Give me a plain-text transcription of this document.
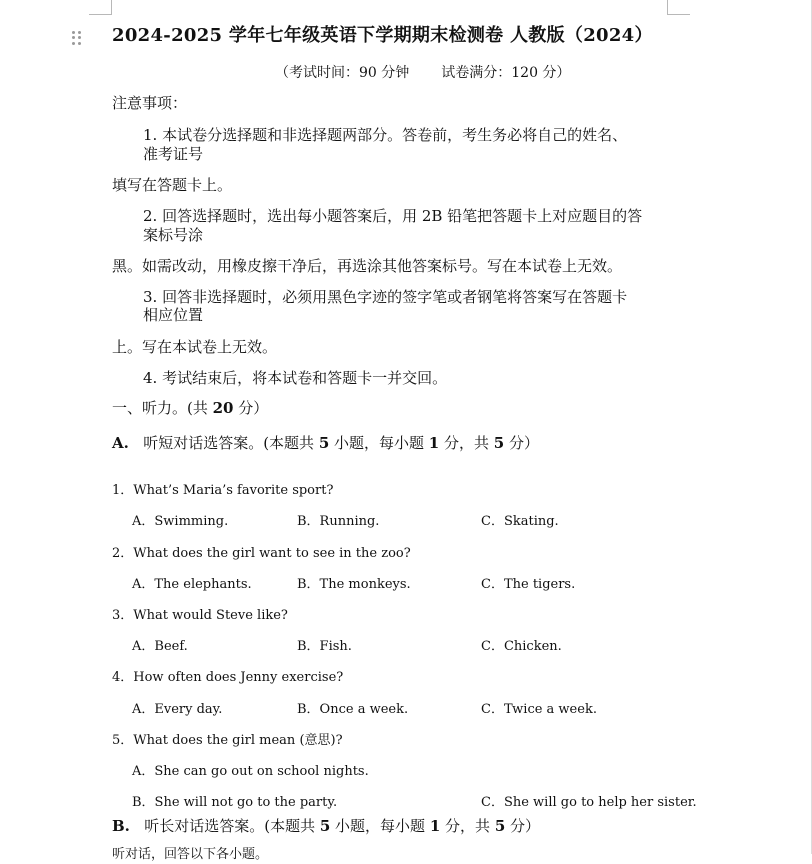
2024-2025 学年七年级英语下学期期末检测卷 人教版（2024）
（考试时间：90 分钟 试卷满分：120 分）
注意事项：
1. 本试卷分选择题和非选择题两部分。答卷前，考生务必将自己的姓名、
准考证号
填写在答题卡上。
2. 回答选择题时，选出每小题答案后，用 2B 铅笔把答题卡上对应题目的答
案标号涂
黑。如需改动，用橡皮擦干净后，再选涂其他答案标号。写在本试卷上无效。
3. 回答非选择题时，必须用黑色字迹的签字笔或者钢笔将答案写在答题卡
相应位置
上。写在本试卷上无效。
4. 考试结束后，将本试卷和答题卡一并交回。
一、听力。(共 20 分）
A. 听短对话选答案。(本题共 5 小题，每小题 1 分，共 5 分）
1．What’s Maria’s favorite sport?
A．Swimming.	B．Running.	C．Skating.
2．What does the girl want to see in the zoo?
A．The elephants.	B．The monkeys.	C．The tigers.
3．What would Steve like?
A．Beef.	B．Fish.	C．Chicken.
4．How often does Jenny exercise?
A．Every day.	B．Once a week.	C．Twice a week.
5．What does the girl mean (意思)?
A．She can go out on school nights.
B．She will not go to the party.	C．She will go to help her sister.
B. 听长对话选答案。(本题共 5 小题，每小题 1 分，共 5 分）
听对话，回答以下各小题。
